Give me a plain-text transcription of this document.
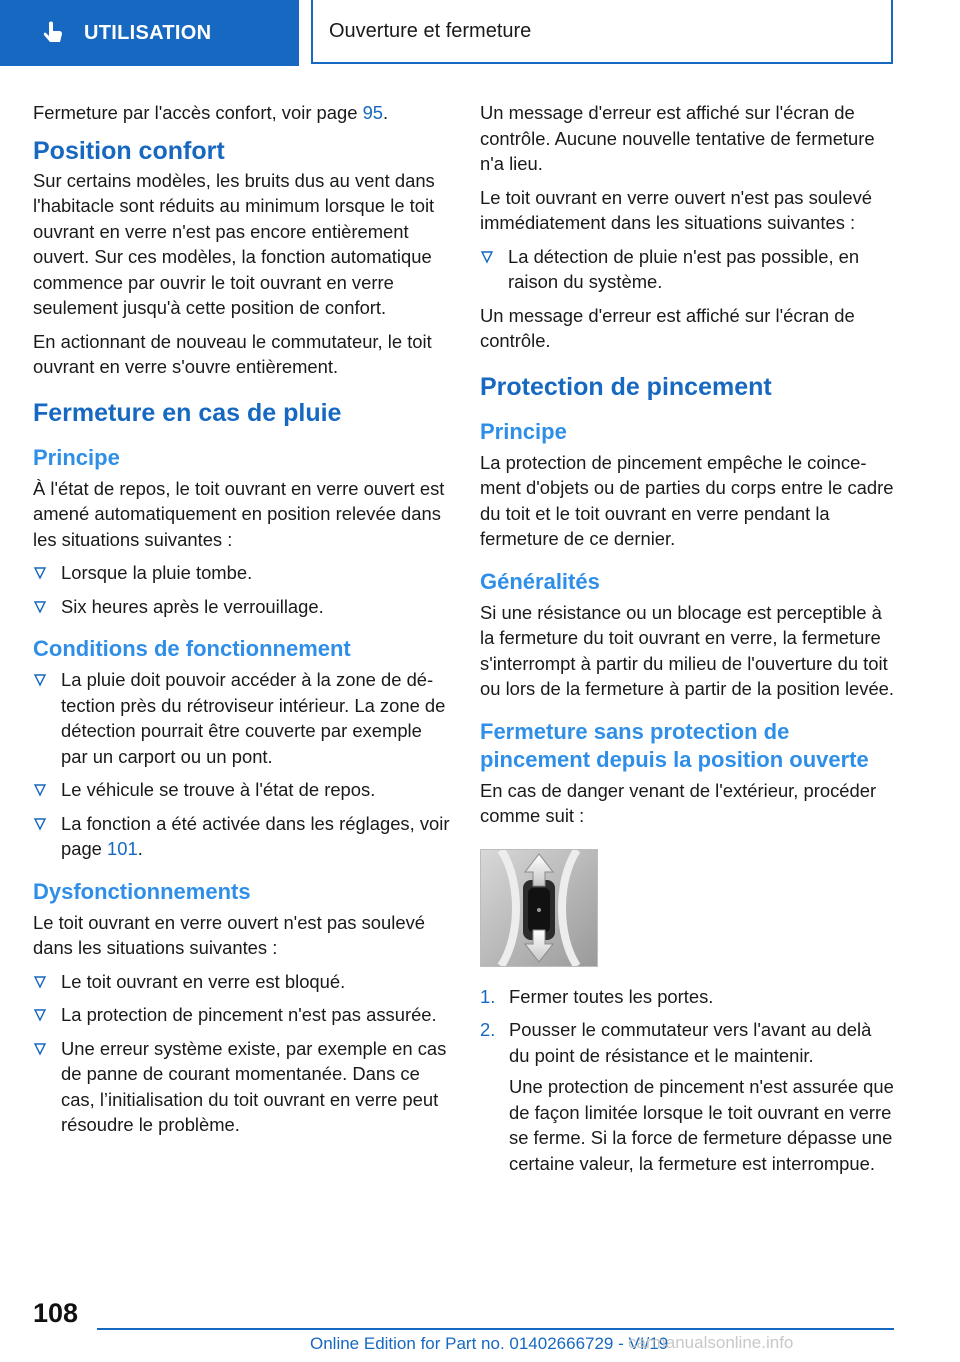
UTILISATION	Ouverture et fermeture

Fermeture par l'accès confort, voir page 95.

Position confort

Sur certains modèles, les bruits dus au vent dans l'habitacle sont réduits au minimum lorsque le toit ouvrant en verre n'est pas encore entièrement ouvert. Sur ces modèles, la fonction automatique commence par ouvrir le toit ouvrant en verre seulement jusqu'à cette position de confort.

En actionnant de nouveau le commutateur, le toit ouvrant en verre s'ouvre entièrement.

Fermeture en cas de pluie
Principe

À l'état de repos, le toit ouvrant en verre ouvert est amené automatiquement en position relevée dans les situations suivantes :

Lorsque la pluie tombe.
Six heures après le verrouillage.
Conditions de fonctionnement
La pluie doit pouvoir accéder à la zone de détection près du rétroviseur intérieur. La zone de détection pourrait être couverte par exemple par un carport ou un pont.
Le véhicule se trouve à l'état de repos.
La fonction a été activée dans les réglages, voir page 101.
Dysfonctionnements

Le toit ouvrant en verre ouvert n'est pas soulevé dans les situations suivantes :

Le toit ouvrant en verre est bloqué.
La protection de pincement n'est pas assurée.
Une erreur système existe, par exemple en cas de panne de courant momentanée. Dans ce cas, l’initialisation du toit ouvrant en verre peut résoudre le problème.

Un message d'erreur est affiché sur l'écran de contrôle. Aucune nouvelle tentative de fermeture n'a lieu.

Le toit ouvrant en verre ouvert n'est pas soulevé immédiatement dans les situations suivantes :

La détection de pluie n'est pas possible, en raison du système.

Un message d'erreur est affiché sur l'écran de contrôle.

Protection de pincement
Principe

La protection de pincement empêche le coincement d'objets ou de parties du corps entre le cadre du toit et le toit ouvrant en verre pendant la fermeture de ce dernier.

Généralités

Si une résistance ou un blocage est perceptible à la fermeture du toit ouvrant en verre, la fermeture s'interrompt à partir du milieu de l'ouverture du toit ou lors de la fermeture à partir de la position levée.

Fermeture sans protection de pincement depuis la position ouverte

En cas de danger venant de l'extérieur, procéder comme suit :

1. Fermer toutes les portes.
2. Pousser le commutateur vers l'avant au delà du point de résistance et le maintenir.
Une protection de pincement n'est assurée que de façon limitée lorsque le toit ouvrant en verre se ferme. Si la force de fermeture dépasse une certaine valeur, la fermeture est interrompue.
108
Online Edition for Part no. 01402666729 - VI/19
carmanualsonline.info
